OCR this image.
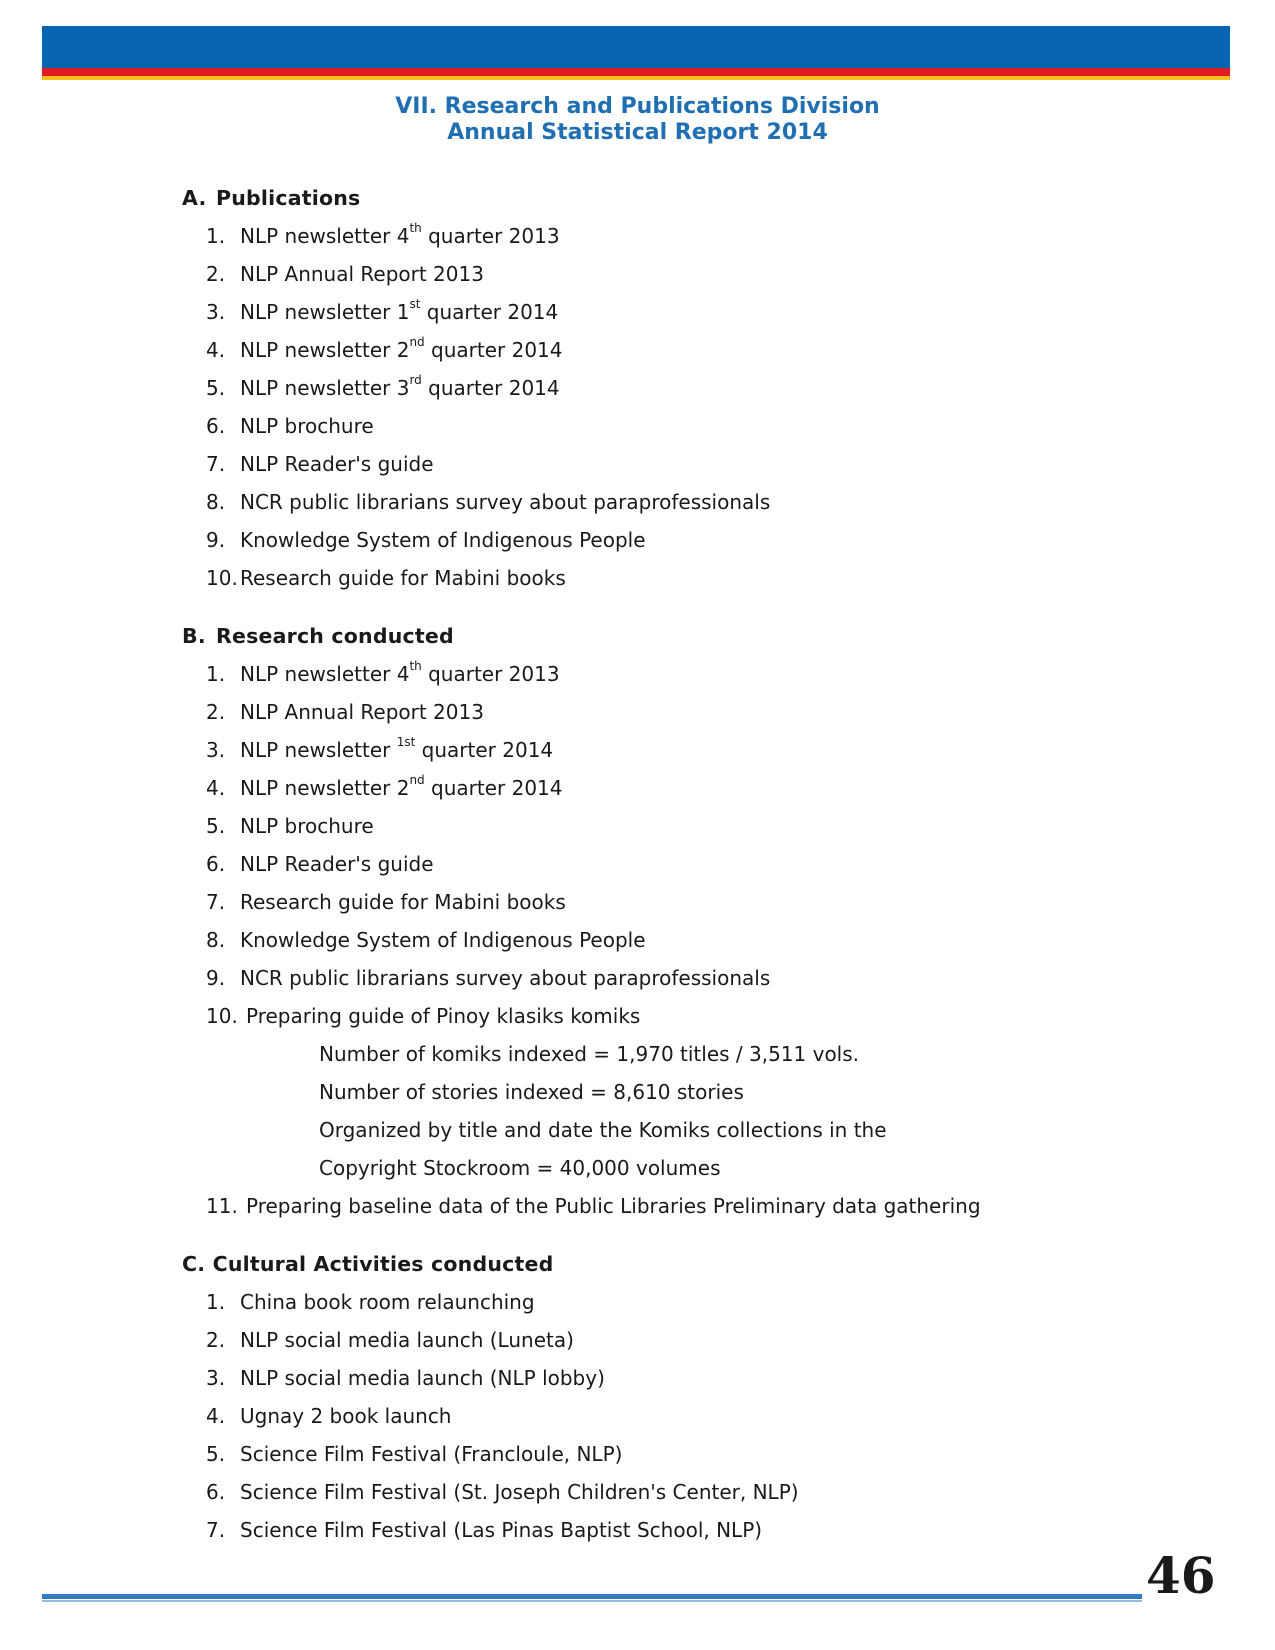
VII. Research and Publications Division
Annual Statistical Report 2014
A. Publications
1. NLP newsletter 4th quarter 2013
2. NLP Annual Report 2013
3. NLP newsletter 1st quarter 2014
4. NLP newsletter 2nd quarter 2014
5. NLP newsletter 3rd quarter 2014
6. NLP brochure
7. NLP Reader's guide
8. NCR public librarians survey about paraprofessionals
9. Knowledge System of Indigenous People
10. Research guide for Mabini books
B. Research conducted
1. NLP newsletter 4th quarter 2013
2. NLP Annual Report 2013
3. NLP newsletter $^{1st}$ quarter 2014
4. NLP newsletter 2nd quarter 2014
5. NLP brochure
6. NLP Reader's guide
7. Research guide for Mabini books
8. Knowledge System of Indigenous People
9. NCR public librarians survey about paraprofessionals
10. Preparing guide of Pinoy klasiks komiks
Number of komiks indexed = 1,970 titles / 3,511 vols.
Number of stories indexed = 8,610 stories
Organized by title and date the Komiks collections in the
Copyright Stockroom = 40,000 volumes
11. Preparing baseline data of the Public Libraries Preliminary data gathering
C. Cultural Activities conducted
1. China book room relaunching
2. NLP social media launch (Luneta)
3. NLP social media launch (NLP lobby)
4. Ugnay 2 book launch
5. Science Film Festival (Francloule, NLP)
6. Science Film Festival (St. Joseph Children's Center, NLP)
7. Science Film Festival (Las Pinas Baptist School, NLP)
46
